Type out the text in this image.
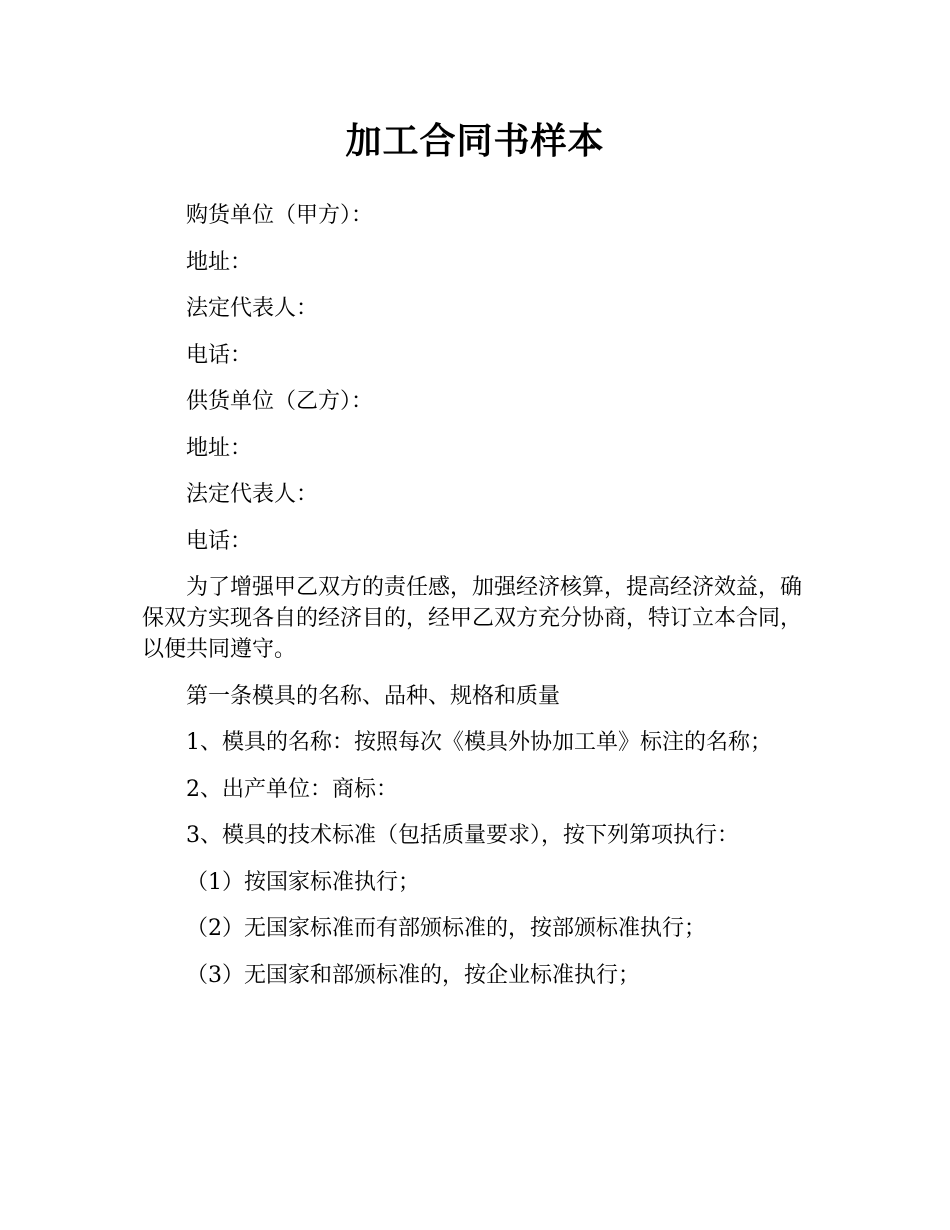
加工合同书样本

购货单位（甲方）：

地址：

法定代表人：

电话：

供货单位（乙方）：

地址：

法定代表人：

电话：

为了增强甲乙双方的责任感，加强经济核算，提高经济效益，确保双方实现各自的经济目的，经甲乙双方充分协商，特订立本合同，以便共同遵守。

第一条模具的名称、品种、规格和质量

1、模具的名称：按照每次《模具外协加工单》标注的名称；

2、出产单位：商标：

3、模具的技术标准（包括质量要求），按下列第项执行：

（1）按国家标准执行；

（2）无国家标准而有部颁标准的，按部颁标准执行；

（3）无国家和部颁标准的，按企业标准执行；
